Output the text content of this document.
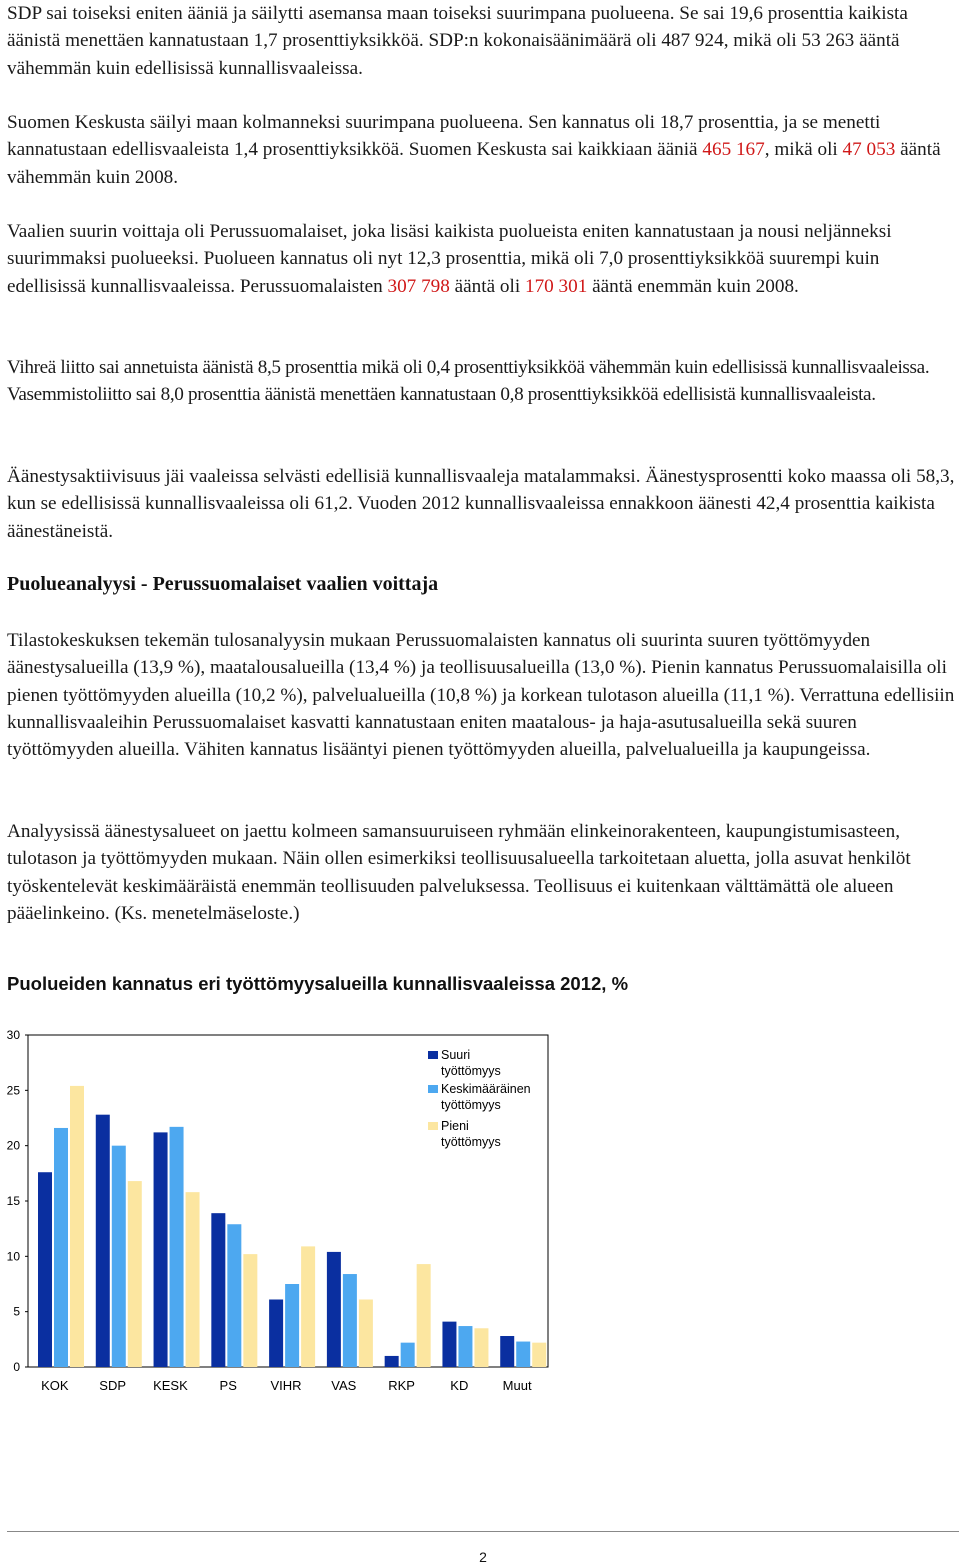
SDP sai toiseksi eniten ääniä ja säilytti asemansa maan toiseksi suurimpana puolueena. Se sai 19,6 prosenttia kaikista äänistä menettäen kannatustaan 1,7 prosenttiyksikköä. SDP:n kokonaisäänimäärä oli 487 924, mikä oli 53 263 ääntä vähemmän kuin edellisissä kunnallisvaaleissa.

Suomen Keskusta säilyi maan kolmanneksi suurimpana puolueena. Sen kannatus oli 18,7 prosenttia, ja se menetti kannatustaan edellisvaaleista 1,4 prosenttiyksikköä. Suomen Keskusta sai kaikkiaan ääniä 465 167, mikä oli 47 053 ääntä vähemmän kuin 2008.

Vaalien suurin voittaja oli Perussuomalaiset, joka lisäsi kaikista puolueista eniten kannatustaan ja nousi neljänneksi suurimmaksi puolueeksi. Puolueen kannatus oli nyt 12,3 prosenttia, mikä oli 7,0 prosenttiyksikköä suurempi kuin edellisissä kunnallisvaaleissa. Perussuomalaisten 307 798 ääntä oli 170 301 ääntä enemmän kuin 2008.

Vihreä liitto sai annetuista äänistä 8,5 prosenttia mikä oli 0,4 prosenttiyksikköä vähemmän kuin edellisissä kunnallisvaaleissa. Vasemmistoliitto sai 8,0 prosenttia äänistä menettäen kannatustaan 0,8 prosenttiyksikköä edellisistä kunnallisvaaleista.

Äänestysaktiivisuus jäi vaaleissa selvästi edellisiä kunnallisvaaleja matalammaksi. Äänestysprosentti koko maassa oli 58,3, kun se edellisissä kunnallisvaaleissa oli 61,2. Vuoden 2012 kunnallisvaaleissa ennakkoon äänesti 42,4 prosenttia kaikista äänestäneistä.

Puolueanalyysi - Perussuomalaiset vaalien voittaja

Tilastokeskuksen tekemän tulosanalyysin mukaan Perussuomalaisten kannatus oli suurinta suuren työttömyyden äänestysalueilla (13,9 %), maatalousalueilla (13,4 %) ja teollisuusalueilla (13,0 %). Pienin kannatus Perussuomalaisilla oli pienen työttömyyden alueilla (10,2 %), palvelualueilla (10,8 %) ja korkean tulotason alueilla (11,1 %). Verrattuna edellisiin kunnallisvaaleihin Perussuomalaiset kasvatti kannatustaan eniten maatalous- ja haja-asutusalueilla sekä suuren työttömyyden alueilla. Vähiten kannatus lisääntyi pienen työttömyyden alueilla, palvelualueilla ja kaupungeissa.

Analyysissä äänestysalueet on jaettu kolmeen samansuuruiseen ryhmään elinkeinorakenteen, kaupungistumisasteen, tulotason ja työttömyyden mukaan. Näin ollen esimerkiksi teollisuusalueella tarkoitetaan aluetta, jolla asuvat henkilöt työskentelevät keskimääräistä enemmän teollisuuden palveluksessa. Teollisuus ei kuitenkaan välttämättä ole alueen pääelinkeino. (Ks. menetelmäseloste.)

Puolueiden kannatus eri työttömyysalueilla kunnallisvaaleissa 2012, %
0
5
10
15
20
25
30
KOK SDP KESK PS	VIHR VAS RKP	KD	Muut
Suuri
työttömyys
Keskimääräinen
työttömyys
Pieni
työttömyys
2
